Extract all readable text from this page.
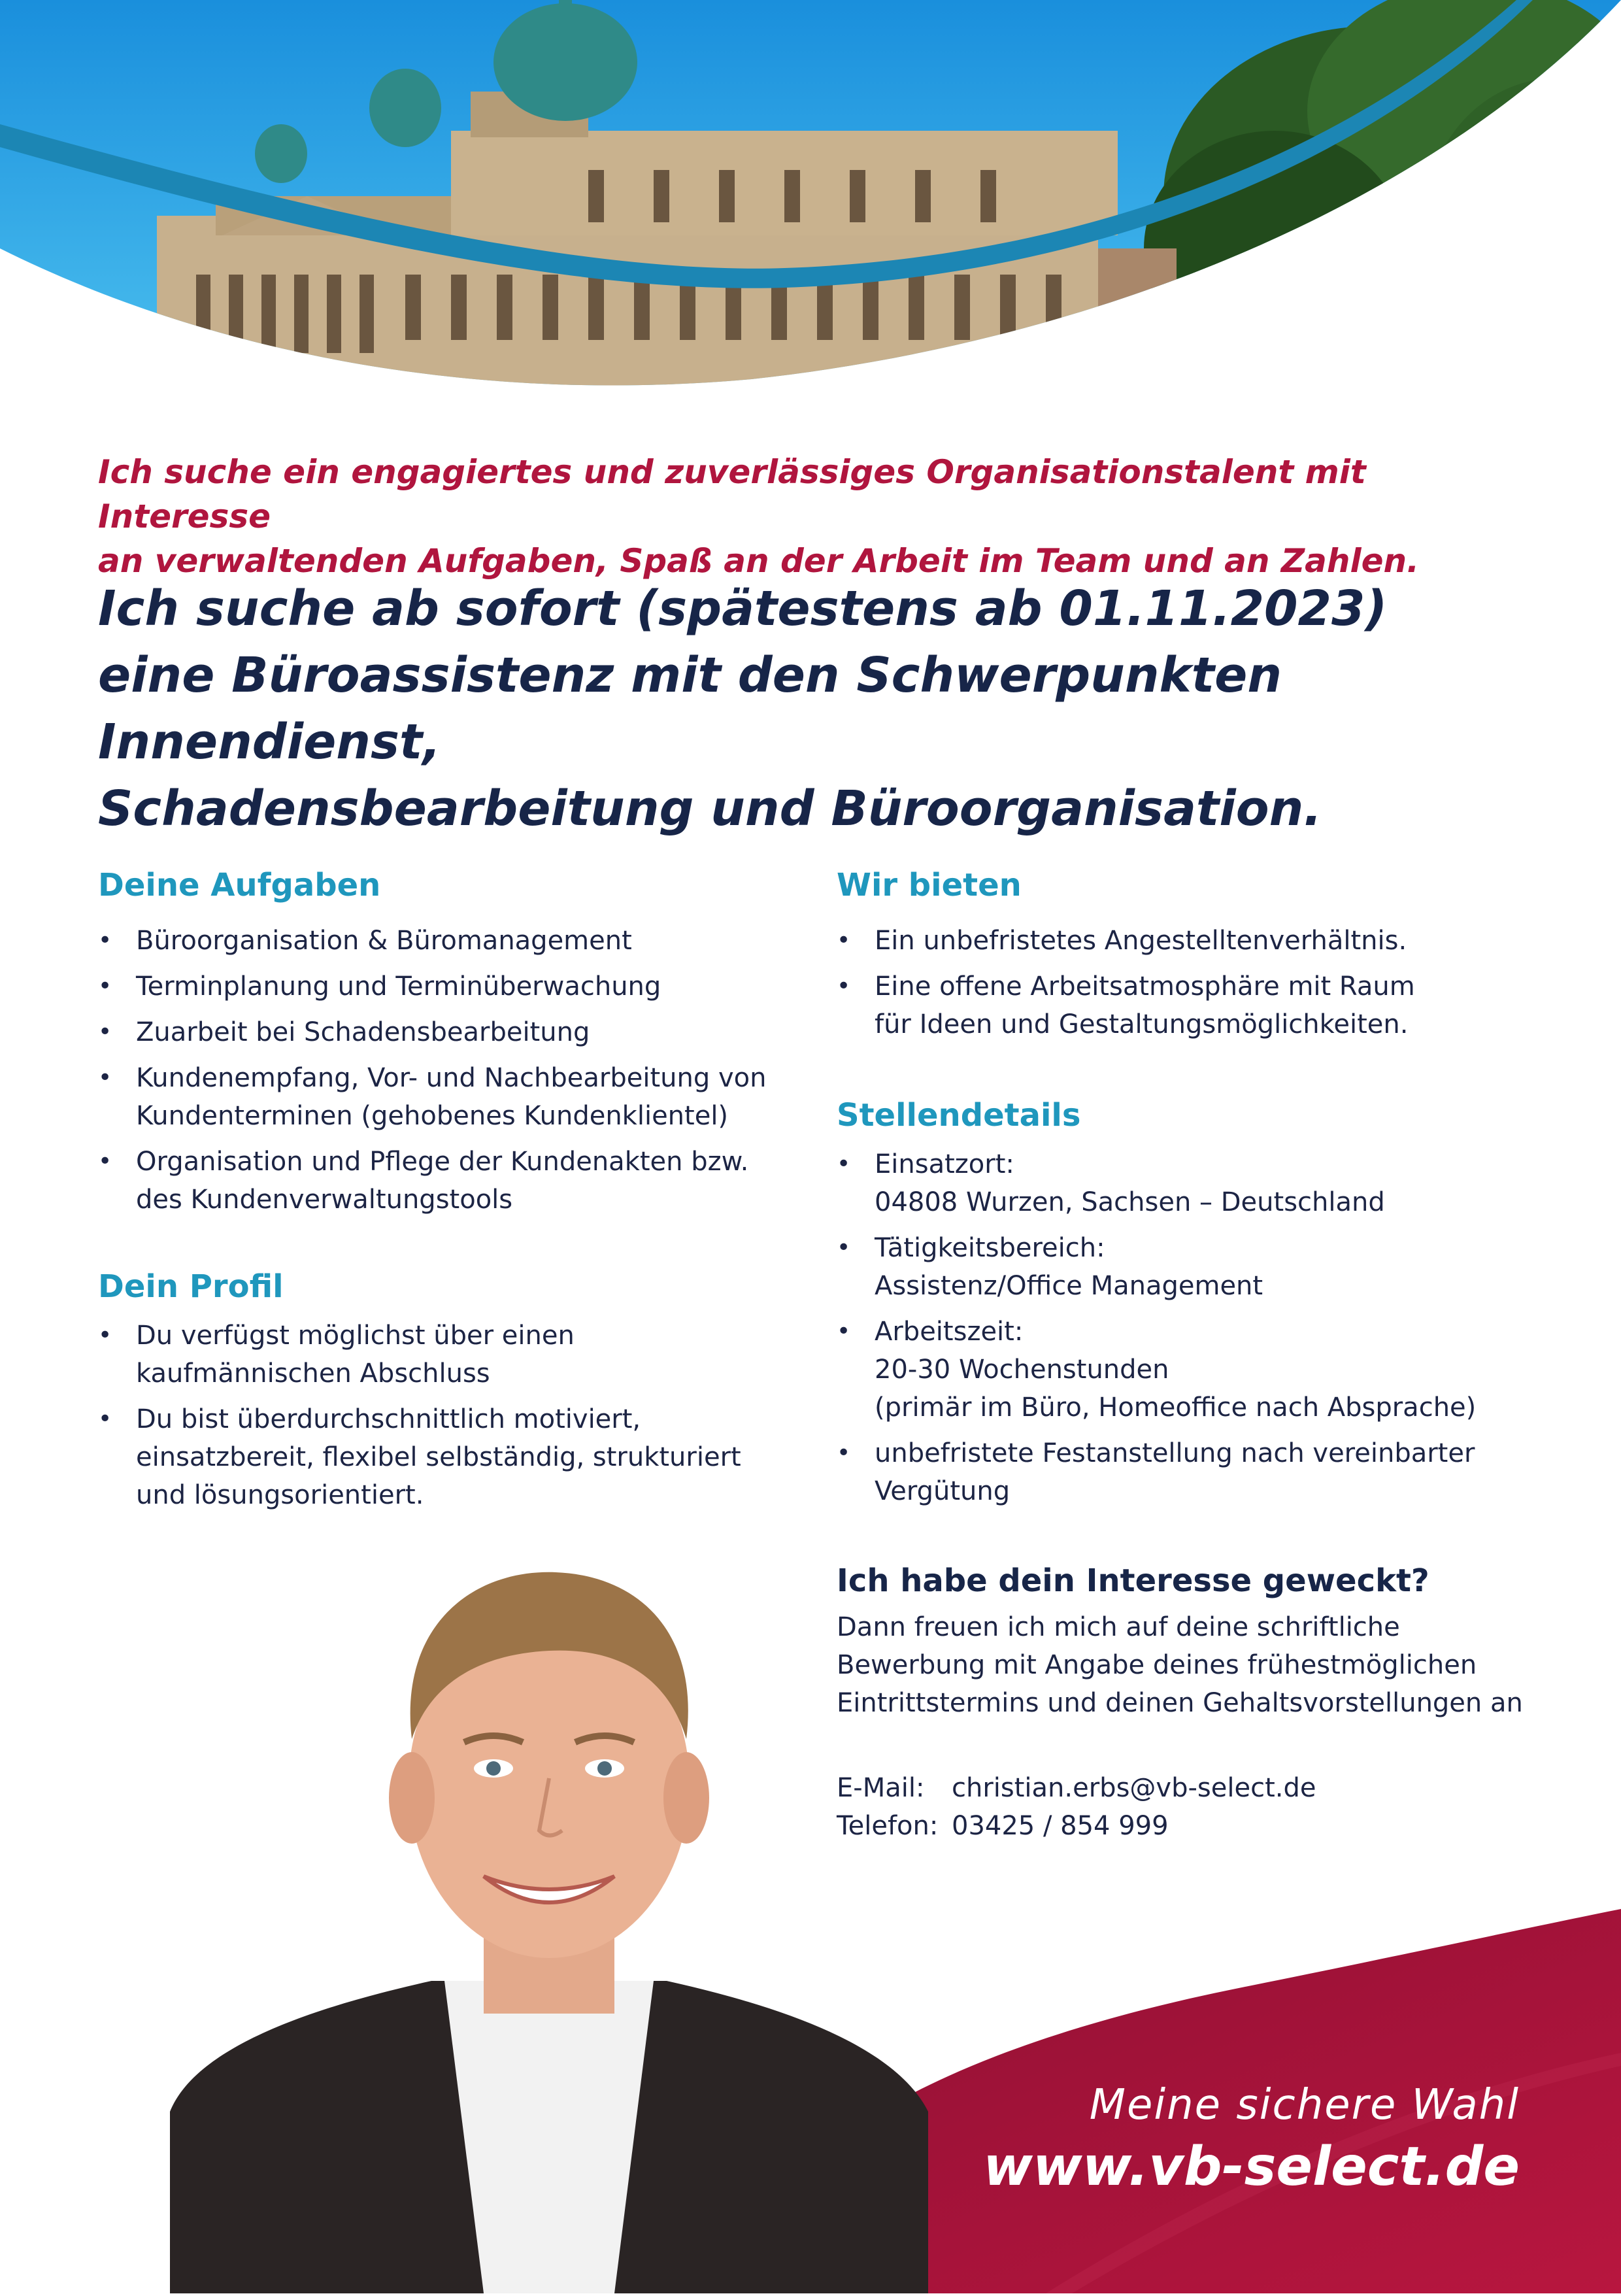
Ich suche ein engagiertes und zuverlässiges Organisationstalent mit Interesse
an verwaltenden Aufgaben, Spaß an der Arbeit im Team und an Zahlen.
Ich suche ab sofort (spätestens ab 01.11.2023)
eine Büroassistenz mit den Schwerpunkten Innendienst,
Schadensbearbeitung und Büroorganisation.
Deine Aufgaben
• Büroorganisation & Büromanagement
• Terminplanung und Terminüberwachung
• Zuarbeit bei Schadensbearbeitung
• Kundenempfang, Vor- und Nachbearbeitung von
Kundenterminen (gehobenes Kundenklientel)
• Organisation und Pflege der Kundenakten bzw.
des Kundenverwaltungstools
Dein Profil
• Du verfügst möglichst über einen
kaufmännischen Abschluss
• Du bist überdurchschnittlich motiviert,
einsatzbereit, flexibel selbständig, strukturiert
und lösungsorientiert.
Wir bieten
• Ein unbefristetes Angestelltenverhältnis.
• Eine offene Arbeitsatmosphäre mit Raum
für Ideen und Gestaltungsmöglichkeiten.
Stellendetails
• Einsatzort:
04808 Wurzen, Sachsen – Deutschland
• Tätigkeitsbereich:
Assistenz/Office Management
• Arbeitszeit:
20-30 Wochenstunden
(primär im Büro, Homeoffice nach Absprache)
• unbefristete Festanstellung nach vereinbarter
Vergütung
Ich habe dein Interesse geweckt?
Dann freuen ich mich auf deine schriftliche
Bewerbung mit Angabe deines frühestmöglichen
Eintrittstermins und deinen Gehaltsvorstellungen an
E-Mail:	christian.erbs@vb-select.de
Telefon: 03425 / 854 999
Meine sichere Wahl
www.vb-select.de
